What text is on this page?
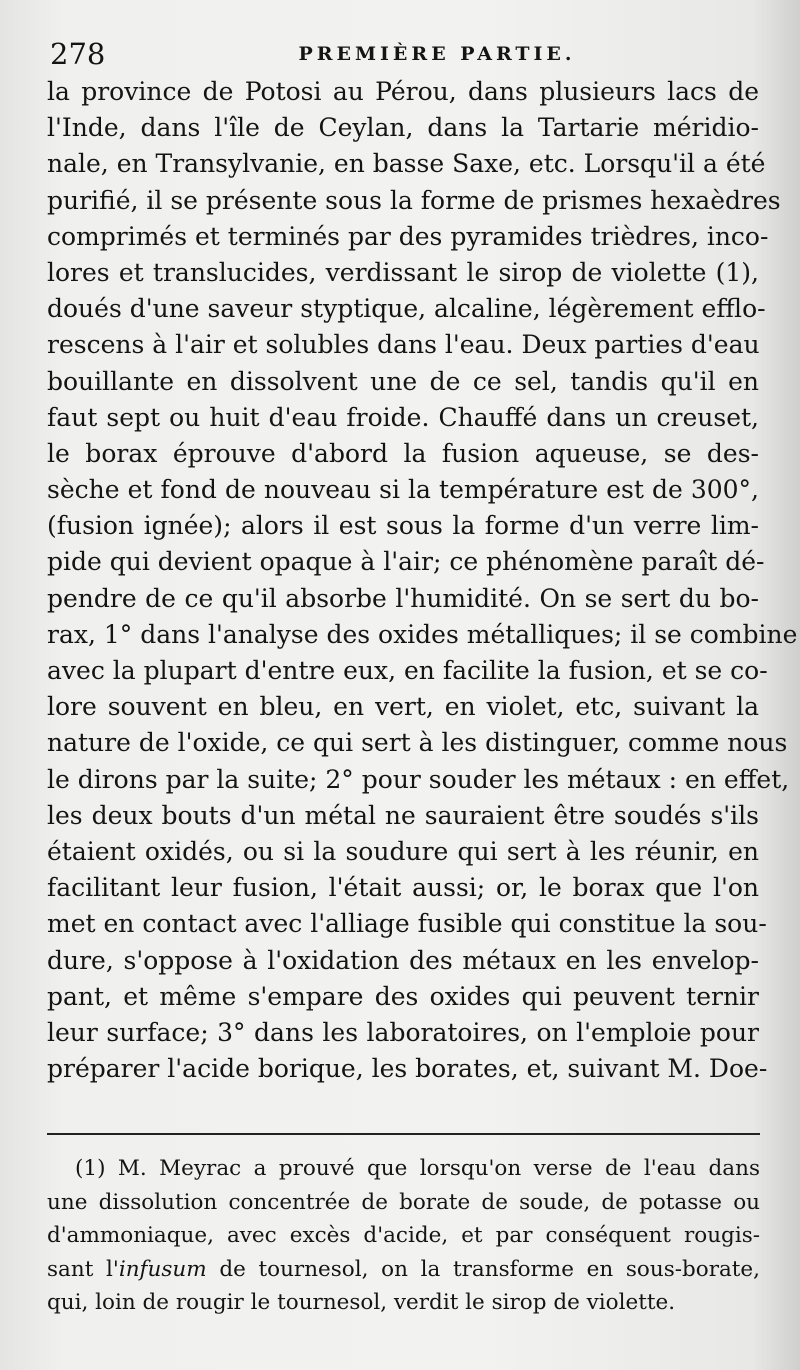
278	PREMIÈRE PARTIE.
la province de Potosi au Pérou, dans plusieurs lacs de
l'Inde, dans l'île de Ceylan, dans la Tartarie méridio-
nale, en Transylvanie, en basse Saxe, etc. Lorsqu'il a été
purifié, il se présente sous la forme de prismes hexaèdres
comprimés et terminés par des pyramides trièdres, inco-
lores et translucides, verdissant le sirop de violette (1),
doués d'une saveur styptique, alcaline, légèrement efflo-
rescens à l'air et solubles dans l'eau. Deux parties d'eau
bouillante en dissolvent une de ce sel, tandis qu'il en
faut sept ou huit d'eau froide. Chauffé dans un creuset,
le borax éprouve d'abord la fusion aqueuse, se des-
sèche et fond de nouveau si la température est de 300°,
(fusion ignée); alors il est sous la forme d'un verre lim-
pide qui devient opaque à l'air; ce phénomène paraît dé-
pendre de ce qu'il absorbe l'humidité. On se sert du bo-
rax, 1° dans l'analyse des oxides métalliques; il se combine
avec la plupart d'entre eux, en facilite la fusion, et se co-
lore souvent en bleu, en vert, en violet, etc, suivant la
nature de l'oxide, ce qui sert à les distinguer, comme nous
le dirons par la suite; 2° pour souder les métaux : en effet,
les deux bouts d'un métal ne sauraient être soudés s'ils
étaient oxidés, ou si la soudure qui sert à les réunir, en
facilitant leur fusion, l'était aussi; or, le borax que l'on
met en contact avec l'alliage fusible qui constitue la sou-
dure, s'oppose à l'oxidation des métaux en les envelop-
pant, et même s'empare des oxides qui peuvent ternir
leur surface; 3° dans les laboratoires, on l'emploie pour
préparer l'acide borique, les borates, et, suivant M. Doe-
(1) M. Meyrac a prouvé que lorsqu'on verse de l'eau dans
une dissolution concentrée de borate de soude, de potasse ou
d'ammoniaque, avec excès d'acide, et par conséquent rougis-
sant l'infusum de tournesol, on la transforme en sous-borate,
qui, loin de rougir le tournesol, verdit le sirop de violette.
